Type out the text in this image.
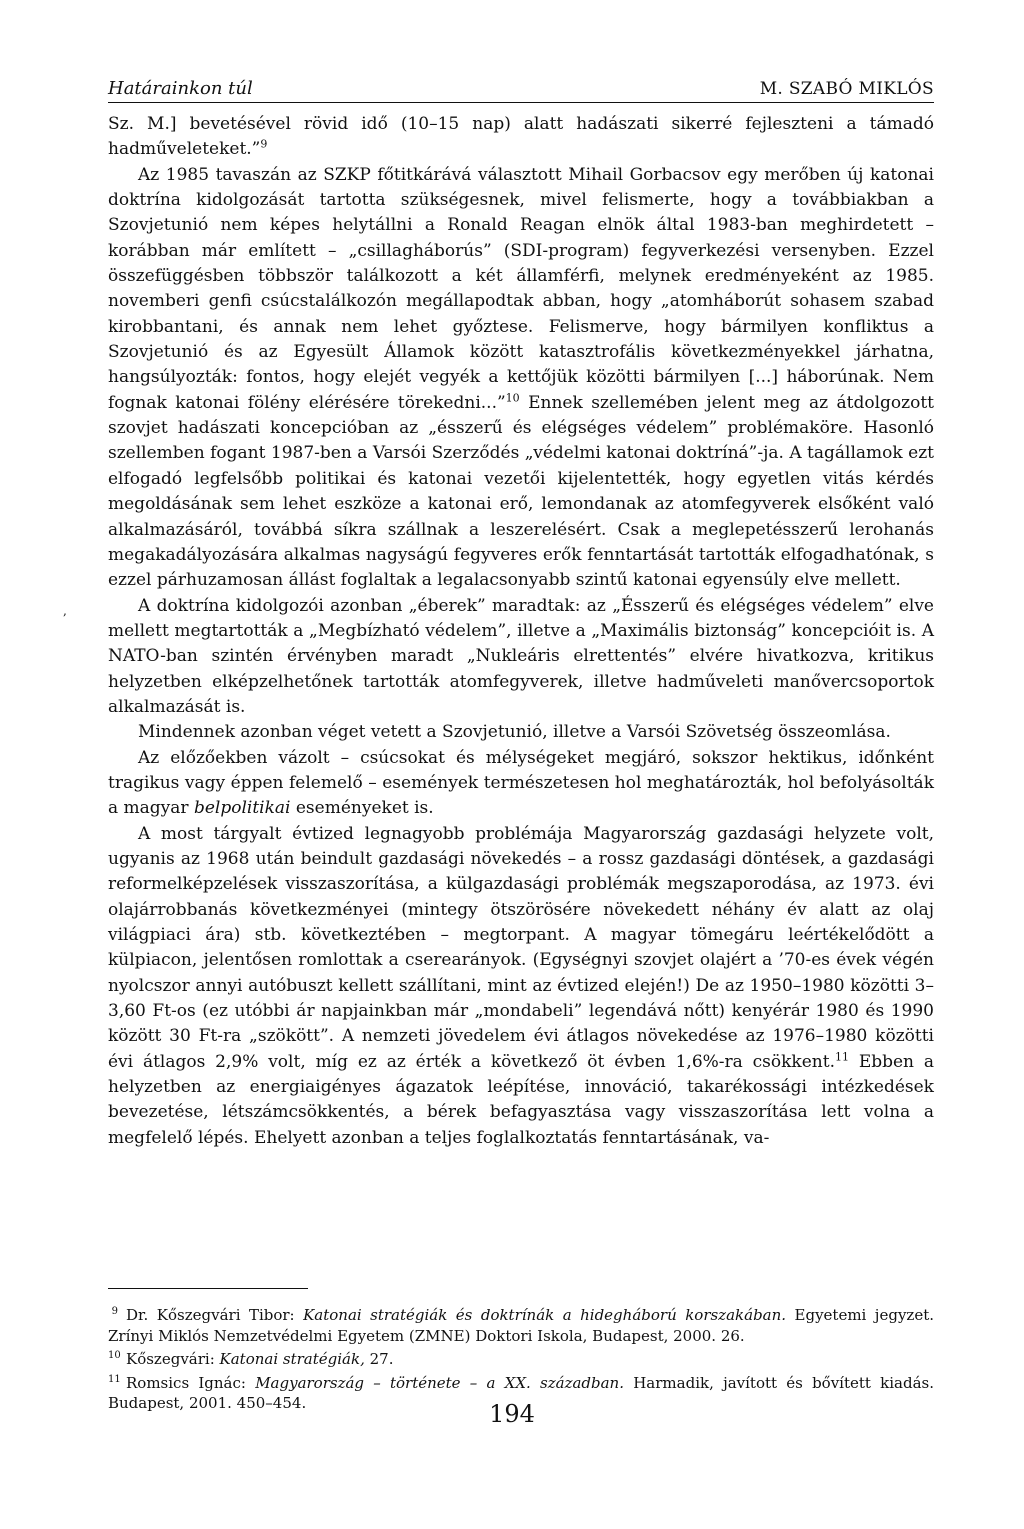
Határainkon túl	M. SZABÓ MIKLÓS
,

Sz. M.] bevetésével rövid idő (10–15 nap) alatt hadászati sikerré fejleszteni a támadó hadműveleteket.”$^9$

Az 1985 tavaszán az SZKP főtitkárává választott Mihail Gorbacsov egy merőben új katonai doktrína kidolgozását tartotta szükségesnek, mivel felismerte, hogy a továbbiakban a Szovjetunió nem képes helytállni a Ronald Reagan elnök által 1983-ban meghirdetett – korábban már említett – „csillagháborús” (SDI-program) fegyverkezési versenyben. Ezzel összefüggésben többször találkozott a két államférfi, melynek eredményeként az 1985. novemberi genfi csúcstalálkozón megállapodtak abban, hogy „atomháborút sohasem szabad kirobbantani, és annak nem lehet győztese. Felismerve, hogy bármilyen konfliktus a Szovjetunió és az Egyesült Államok között katasztrofális következményekkel járhatna, hangsúlyozták: fontos, hogy elejét vegyék a kettőjük közötti bármilyen [...] háborúnak. Nem fognak katonai fölény elérésére törekedni...”$^{10}$ Ennek szellemében jelent meg az átdolgozott szovjet hadászati koncepcióban az „ésszerű és elégséges védelem” problémaköre. Hasonló szellemben fogant 1987-ben a Varsói Szerződés „védelmi katonai doktríná”-ja. A tagállamok ezt elfogadó legfelsőbb politikai és katonai vezetői kijelentették, hogy egyetlen vitás kérdés megoldásának sem lehet eszköze a katonai erő, lemondanak az atomfegyverek elsőként való alkalmazásáról, továbbá síkra szállnak a leszerelésért. Csak a meglepetésszerű lerohanás megakadályozására alkalmas nagyságú fegyveres erők fenntartását tartották elfogadhatónak, s ezzel párhuzamosan állást foglaltak a legalacsonyabb szintű katonai egyensúly elve mellett.

A doktrína kidolgozói azonban „éberek” maradtak: az „Ésszerű és elégséges védelem” elve mellett megtartották a „Megbízható védelem”, illetve a „Maximális biztonság” koncepcióit is. A NATO-ban szintén érvényben maradt „Nukleáris elrettentés” elvére hivatkozva, kritikus helyzetben elképzelhetőnek tartották atomfegyverek, illetve hadműveleti manővercsoportok alkalmazását is.

Mindennek azonban véget vetett a Szovjetunió, illetve a Varsói Szövetség összeomlása.

Az előzőekben vázolt – csúcsokat és mélységeket megjáró, sokszor hektikus, időnként tragikus vagy éppen felemelő – események természetesen hol meghatározták, hol befolyásolták a magyar belpolitikai eseményeket is.

A most tárgyalt évtized legnagyobb problémája Magyarország gazdasági helyzete volt, ugyanis az 1968 után beindult gazdasági növekedés – a rossz gazdasági döntések, a gazdasági reformelképzelések visszaszorítása, a külgazdasági problémák megszaporodása, az 1973. évi olajárrobbanás következményei (mintegy ötszörösére növekedett néhány év alatt az olaj világpiaci ára) stb. következtében – megtorpant. A magyar tömegáru leértékelődött a külpiacon, jelentősen romlottak a cserearányok. (Egységnyi szovjet olajért a ’70-es évek végén nyolcszor annyi autóbuszt kellett szállítani, mint az évtized elején!) De az 1950–1980 közötti 3–3,60 Ft-os (ez utóbbi ár napjainkban már „mondabeli” legendává nőtt) kenyérár 1980 és 1990 között 30 Ft-ra „szökött”. A nemzeti jövedelem évi átlagos növekedése az 1976–1980 közötti évi átlagos 2,9% volt, míg ez az érték a következő öt évben 1,6%-ra csökkent.$^{11}$ Ebben a helyzetben az energiaigényes ágazatok leépítése, innováció, takarékossági intézkedések bevezetése, létszámcsökkentés, a bérek befagyasztása vagy visszaszorítása lett volna a megfelelő lépés. Ehelyett azonban a teljes foglalkoztatás fenntartásának, va-

9 Dr. Kőszegvári Tibor: Katonai stratégiák és doktrínák a hidegháború korszakában. Egyetemi jegyzet. Zrínyi Miklós Nemzetvédelmi Egyetem (ZMNE) Doktori Iskola, Budapest, 2000. 26.

10 Kőszegvári: Katonai stratégiák, 27.

11 Romsics Ignác: Magyarország – története – a XX. században. Harmadik, javított és bővített kiadás. Budapest, 2001. 450–454.	194
